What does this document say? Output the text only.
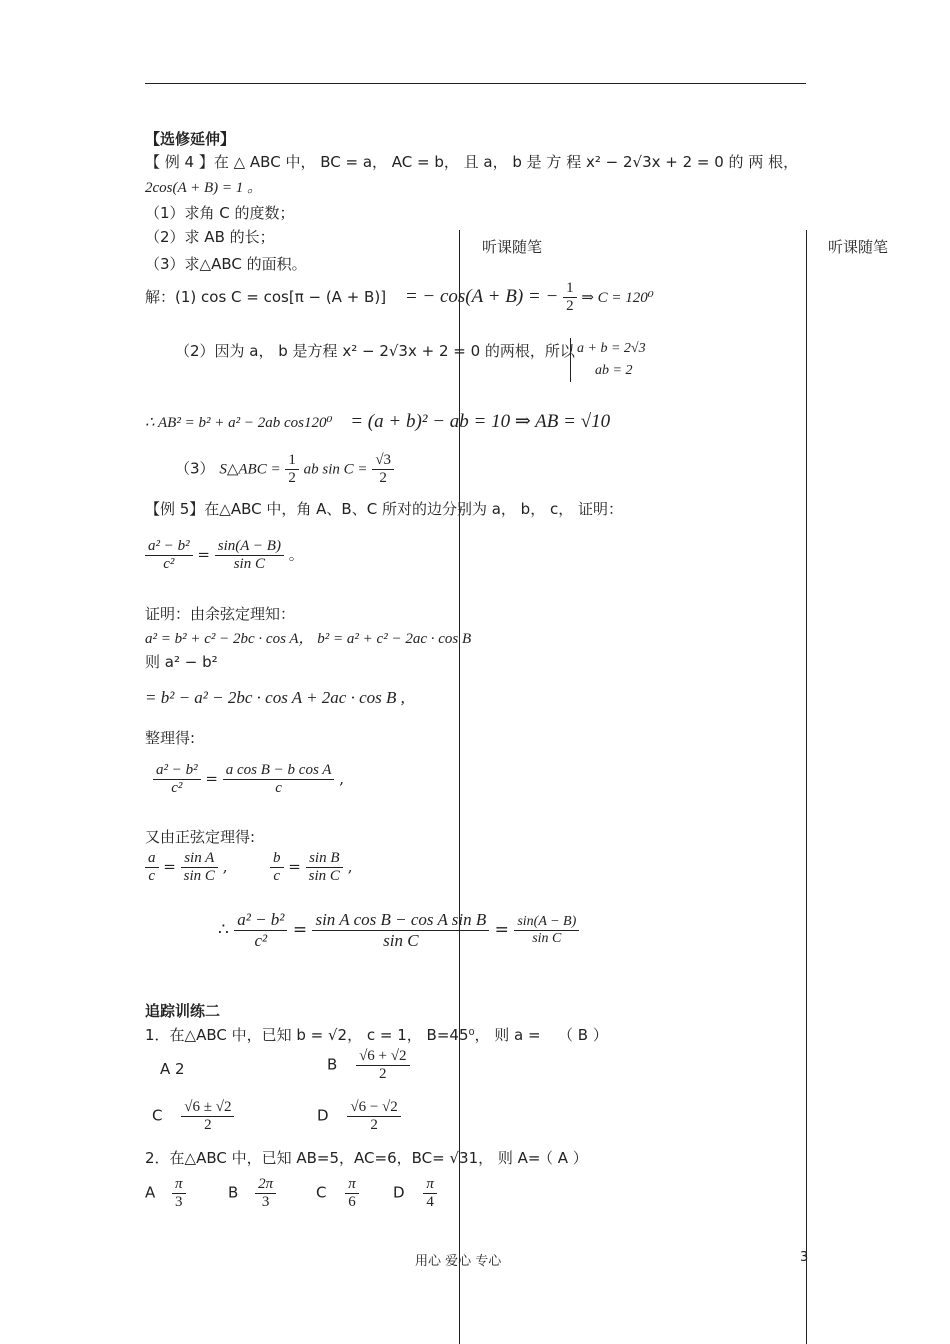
听课随笔	听课随笔
【选修延伸】
【 例 4 】在 △ ABC 中， BC = a， AC = b， 且 a， b 是 方 程 x² − 2√3x + 2 = 0 的 两 根，
2cos(A + B) = 1 。
（1）求角 C 的度数；
（2）求 AB 的长；
（3）求△ABC 的面积。
解：(1) cos C = cos[π − (A + B)] = − cos(A + B) = − $\frac{1}{2}$ ⇒ C = 120⁰
（2）因为 a， b 是方程 x² − 2√3x + 2 = 0 的两根，所以 a + b = 2√3
ab = 2
∴ AB² = b² + a² − 2ab cos120⁰ = (a + b)² − ab = 10 ⇒ AB = √10
（3） S△ABC = $\frac{1}{2}$ ab $\sin C = \frac{√3}{2}$
【例 5】在△ABC 中，角 A、B、C 所对的边分别为 a， b， c， 证明：
$\frac{\text{a² − b²}}{\text{c²}} = \frac{\sin(A - B)}{\text{sin C}}$ 。
证明：由余弦定理知：
a² = b² + c² − 2bc · cos A， b² = a² + c² − 2ac · cos B
则 a² − b²
= b² − a² − 2bc · cos A + 2ac · cos B ,
整理得:
$\frac{\text{a² − b²}}{\text{c²}} = \frac{\text{a cos B − b cos A}}{c}$ ,
又由正弦定理得:
$\frac{a}{c} = \frac{\text{sin A}}{\text{sin C}}$ ,	$\frac{b}{c} = \frac{\text{sin B}}{\text{sin C}}$ ,
∴ $\frac{\text{a² − b²}}{\text{c²}} = \frac{\text{sin A cos B − cos A sin B}}{\text{sin C}} = \frac{\sin(A - B)}{\text{sin C}}$
追踪训练二
1．在△ABC 中，已知 b = √2， c = 1， B=45⁰， 则 a = （ B ）
A 2	B $\frac{√6 + √2}{2}$
C $\frac{√6 \pm √2}{2}$	D $\frac{√6 - √2}{2}$
2．在△ABC 中，已知 AB=5，AC=6，BC= √31， 则 A=
（ A ）
A $\frac{\pi}{3}$	B $\frac{2\pi}{3}$	C $\frac{\pi}{6}$ D $\frac{\pi}{4}$
用心 爱心 专心	3
